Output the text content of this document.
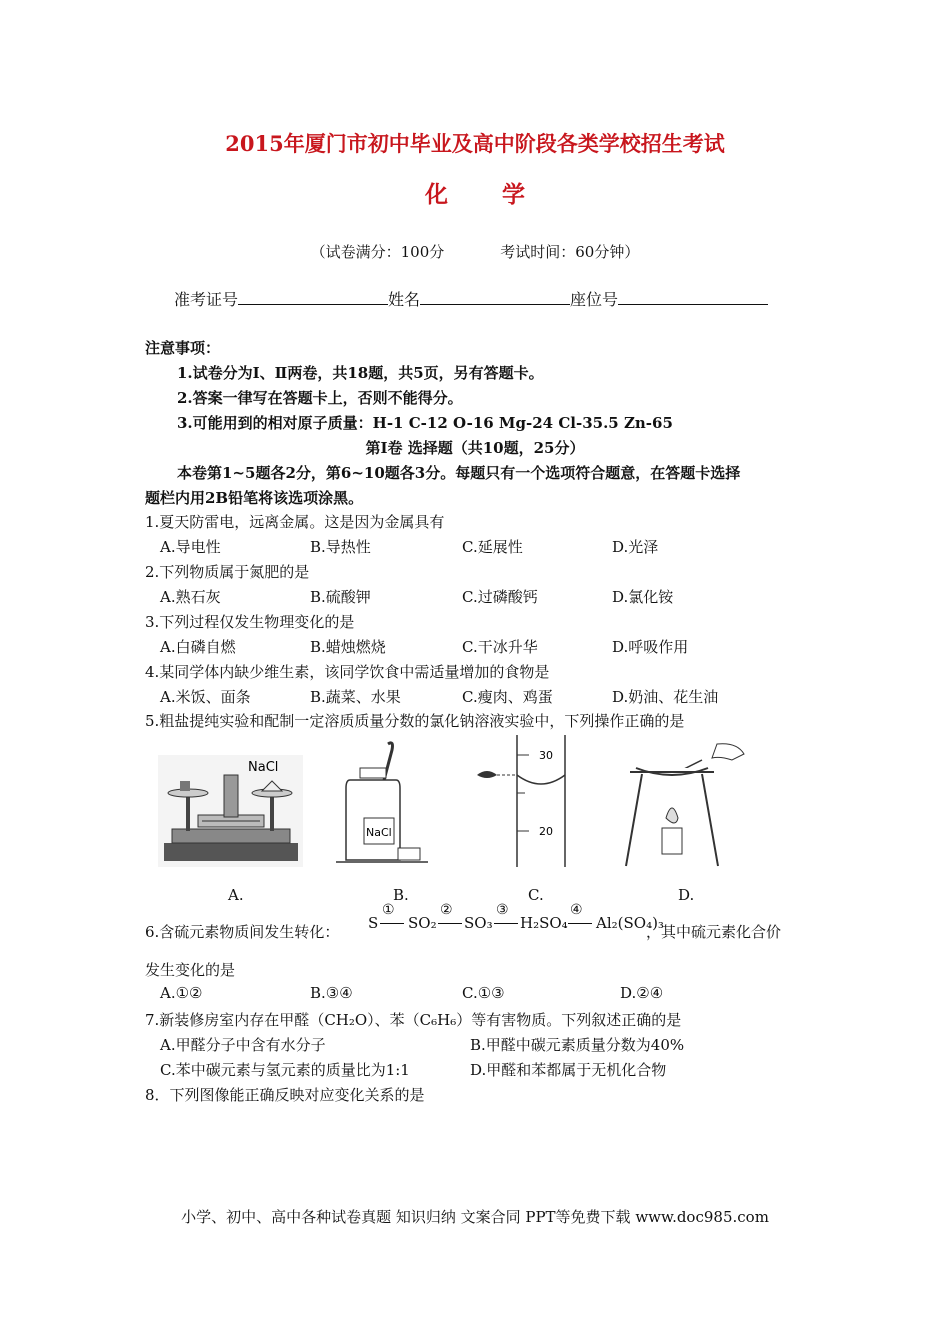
2015年厦门市初中毕业及高中阶段各类学校招生考试
化学
（试卷满分：100分	考试时间：60分钟）
准考证号	姓名	座位号
注意事项：
1.试卷分为Ⅰ、Ⅱ两卷，共18题，共5页，另有答题卡。
2.答案一律写在答题卡上，否则不能得分。
3.可能用到的相对原子质量：H-1 C-12 O-16 Mg-24 Cl-35.5 Zn-65
第Ⅰ卷 选择题（共10题，25分）
本卷第1~5题各2分，第6~10题各3分。每题只有一个选项符合题意，在答题卡选择
题栏内用2B铅笔将该选项涂黑。
1.夏天防雷电，远离金属。这是因为金属具有
A.导电性	B.导热性	C.延展性	D.光泽
2.下列物质属于氮肥的是
A.熟石灰	B.硫酸钾	C.过磷酸钙	D.氯化铵
3.下列过程仅发生物理变化的是
A.白磷自燃	B.蜡烛燃烧	C.干冰升华	D.呼吸作用
4.某同学体内缺少维生素，该同学饮食中需适量增加的食物是
A.米饭、面条	B.蔬菜、水果	C.瘦肉、鸡蛋	D.奶油、花生油
5.粗盐提纯实验和配制一定溶质质量分数的氯化钠溶液实验中，下列操作正确的是
NaCl
NaCl
30
20
A.	B.	C.	D.
6.含硫元素物质间发生转化： S
①
SO₂
②
SO₃
③
H₂SO₄
④
Al₂(SO₄)₃
，其中硫元素化合价
发生变化的是
A.①②	B.③④	C.①③	D.②④
7.新装修房室内存在甲醛（CH₂O）、苯（C₆H₆）等有害物质。下列叙述正确的是
A.甲醛分子中含有水分子	B.甲醛中碳元素质量分数为40%
C.苯中碳元素与氢元素的质量比为1:1	D.甲醛和苯都属于无机化合物
8．下列图像能正确反映对应变化关系的是
小学、初中、高中各种试卷真题 知识归纳 文案合同 PPT等免费下载 www.doc985.com
